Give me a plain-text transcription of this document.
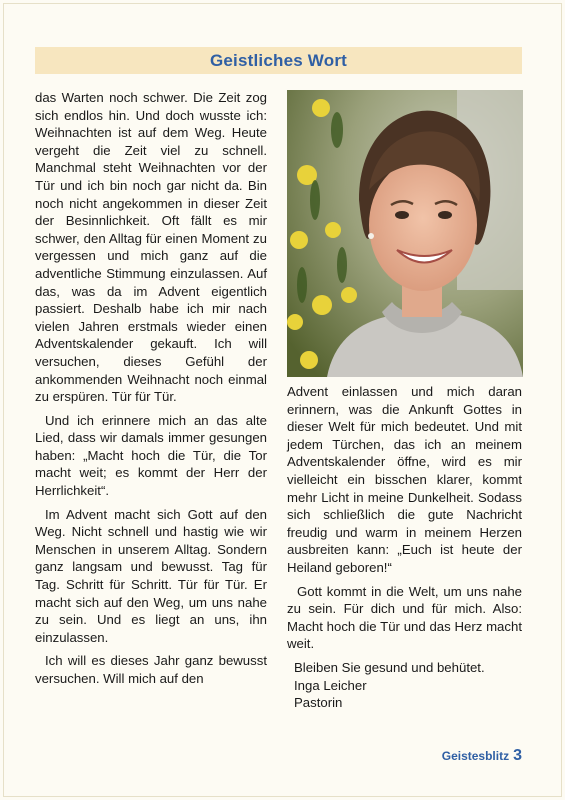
Geistliches Wort

das Warten noch schwer. Die Zeit zog sich endlos hin. Und doch wusste ich: Weihnachten ist auf dem Weg. Heute vergeht die Zeit viel zu schnell. Manchmal steht Weihnachten vor der Tür und ich bin noch gar nicht da. Bin noch nicht angekommen in dieser Zeit der Besinnlichkeit. Oft fällt es mir schwer, den Alltag für einen Moment zu vergessen und mich ganz auf die adventliche Stimmung einzulassen. Auf das, was da im Advent eigentlich passiert. Deshalb habe ich mir nach vielen Jahren erstmals wieder einen Adventskalender gekauft. Ich will versuchen, dieses Gefühl der ankommenden Weihnacht noch einmal zu erspüren. Tür für Tür.

Und ich erinnere mich an das alte Lied, dass wir damals immer gesungen haben: „Macht hoch die Tür, die Tor macht weit; es kommt der Herr der Herrlichkeit“.

Im Advent macht sich Gott auf den Weg. Nicht schnell und hastig wie wir Menschen in unserem Alltag. Sondern ganz langsam und bewusst. Tag für Tag. Schritt für Schritt. Tür für Tür. Er macht sich auf den Weg, um uns nahe zu sein. Und es liegt an uns, ihn einzulassen.

Ich will es dieses Jahr ganz bewusst versuchen. Will mich auf den

Advent einlassen und mich daran erinnern, was die Ankunft Gottes in dieser Welt für mich bedeutet. Und mit jedem Türchen, das ich an meinem Adventskalender öffne, wird es mir vielleicht ein bisschen klarer, kommt mehr Licht in meine Dunkelheit. Sodass sich schließlich die gute Nachricht freudig und warm in meinem Herzen ausbreiten kann: „Euch ist heute der Heiland geboren!“

Gott kommt in die Welt, um uns nahe zu sein. Für dich und für mich. Also: Macht hoch die Tür und das Herz macht weit.

Bleiben Sie gesund und behütet.

Inga Leicher

Pastorin

Geistesblitz 3
